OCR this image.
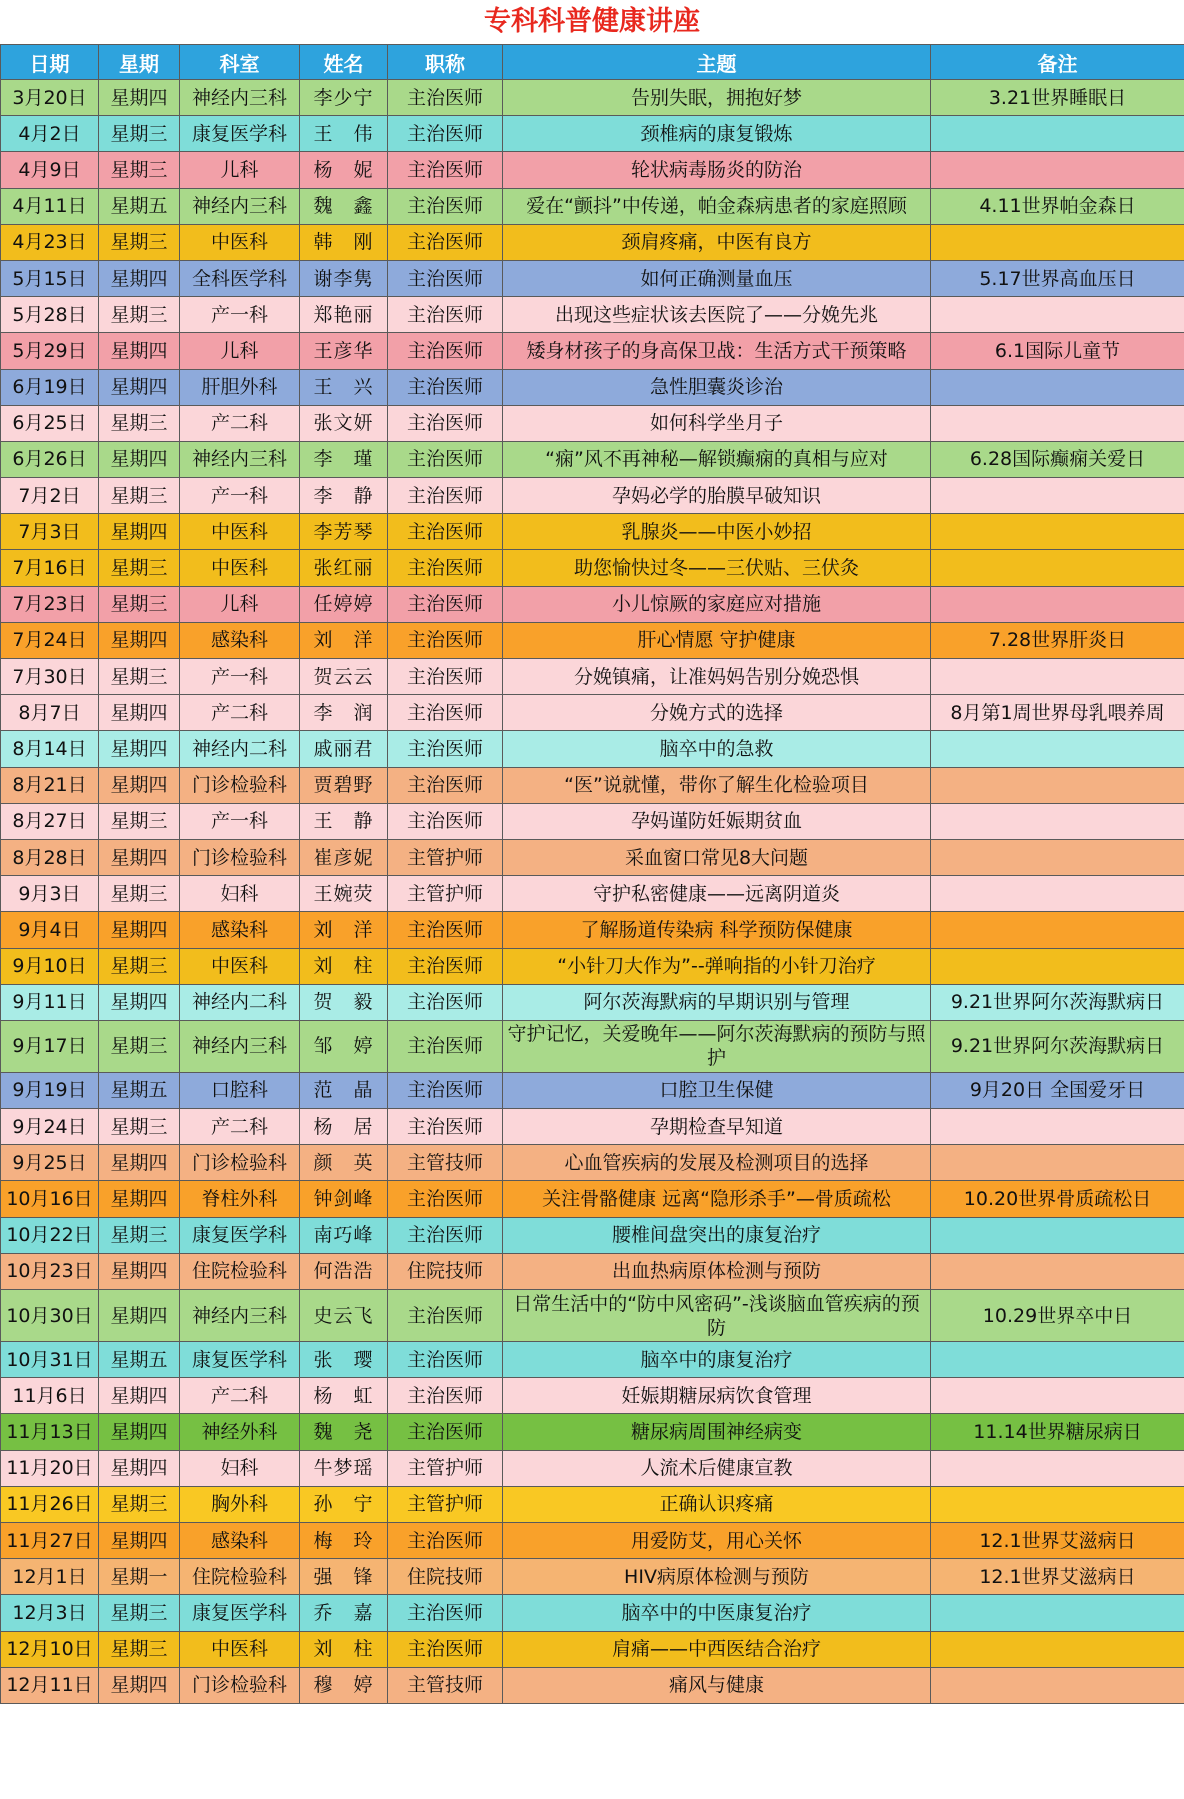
专科科普健康讲座
日期	星期	科室	姓名	职称	主题	备注
3月20日	星期四	神经内三科	李少宁	主治医师	告别失眠，拥抱好梦	3.21世界睡眠日
4月2日	星期三	康复医学科	王　伟	主治医师	颈椎病的康复锻炼	
4月9日	星期三	儿科	杨　妮	主治医师	轮状病毒肠炎的防治	
4月11日	星期五	神经内三科	魏　鑫	主治医师	爱在“颤抖”中传递，帕金森病患者的家庭照顾	4.11世界帕金森日
4月23日	星期三	中医科	韩　刚	主治医师	颈肩疼痛，中医有良方	
5月15日	星期四	全科医学科	谢李隽	主治医师	如何正确测量血压	5.17世界高血压日
5月28日	星期三	产一科	郑艳丽	主治医师	出现这些症状该去医院了——分娩先兆	
5月29日	星期四	儿科	王彦华	主治医师	矮身材孩子的身高保卫战：生活方式干预策略	6.1国际儿童节
6月19日	星期四	肝胆外科	王　兴	主治医师	急性胆囊炎诊治	
6月25日	星期三	产二科	张文妍	主治医师	如何科学坐月子	
6月26日	星期四	神经内三科	李　瑾	主治医师	“痫”风不再神秘—解锁癫痫的真相与应对	6.28国际癫痫关爱日
7月2日	星期三	产一科	李　静	主治医师	孕妈必学的胎膜早破知识	
7月3日	星期四	中医科	李芳琴	主治医师	乳腺炎——中医小妙招	
7月16日	星期三	中医科	张红丽	主治医师	助您愉快过冬——三伏贴、三伏灸	
7月23日	星期三	儿科	任婷婷	主治医师	小儿惊厥的家庭应对措施	
7月24日	星期四	感染科	刘　洋	主治医师	肝心情愿 守护健康	7.28世界肝炎日
7月30日	星期三	产一科	贺云云	主治医师	分娩镇痛，让准妈妈告别分娩恐惧	
8月7日	星期四	产二科	李　润	主治医师	分娩方式的选择	8月第1周世界母乳喂养周
8月14日	星期四	神经内二科	戚丽君	主治医师	脑卒中的急救	
8月21日	星期四	门诊检验科	贾碧野	主治医师	“医”说就懂，带你了解生化检验项目	
8月27日	星期三	产一科	王　静	主治医师	孕妈谨防妊娠期贫血	
8月28日	星期四	门诊检验科	崔彦妮	主管护师	采血窗口常见8大问题	
9月3日	星期三	妇科	王婉荧	主管护师	守护私密健康——远离阴道炎	
9月4日	星期四	感染科	刘　洋	主治医师	了解肠道传染病 科学预防保健康	
9月10日	星期三	中医科	刘　柱	主治医师	“小针刀大作为”--弹响指的小针刀治疗	
9月11日	星期四	神经内二科	贺　毅	主治医师	阿尔茨海默病的早期识别与管理	9.21世界阿尔茨海默病日
9月17日	星期三	神经内三科	邹　婷	主治医师	守护记忆，关爱晚年——阿尔茨海默病的预防与照护	9.21世界阿尔茨海默病日
9月19日	星期五	口腔科	范　晶	主治医师	口腔卫生保健	9月20日 全国爱牙日
9月24日	星期三	产二科	杨　居	主治医师	孕期检查早知道	
9月25日	星期四	门诊检验科	颜　英	主管技师	心血管疾病的发展及检测项目的选择	
10月16日	星期四	脊柱外科	钟剑峰	主治医师	关注骨骼健康 远离“隐形杀手”—骨质疏松	10.20世界骨质疏松日
10月22日	星期三	康复医学科	南巧峰	主治医师	腰椎间盘突出的康复治疗	
10月23日	星期四	住院检验科	何浩浩	住院技师	出血热病原体检测与预防	
10月30日	星期四	神经内三科	史云飞	主治医师	日常生活中的“防中风密码”-浅谈脑血管疾病的预防	10.29世界卒中日
10月31日	星期五	康复医学科	张　璎	主治医师	脑卒中的康复治疗	
11月6日	星期四	产二科	杨　虹	主治医师	妊娠期糖尿病饮食管理	
11月13日	星期四	神经外科	魏　尧	主治医师	糖尿病周围神经病变	11.14世界糖尿病日
11月20日	星期四	妇科	牛梦瑶	主管护师	人流术后健康宣教	
11月26日	星期三	胸外科	孙　宁	主管护师	正确认识疼痛	
11月27日	星期四	感染科	梅　玲	主治医师	用爱防艾，用心关怀	12.1世界艾滋病日
12月1日	星期一	住院检验科	强　锋	住院技师	HIV病原体检测与预防	12.1世界艾滋病日
12月3日	星期三	康复医学科	乔　嘉	主治医师	脑卒中的中医康复治疗	
12月10日	星期三	中医科	刘　柱	主治医师	肩痛——中西医结合治疗	
12月11日	星期四	门诊检验科	穆　婷	主管技师	痛风与健康	
